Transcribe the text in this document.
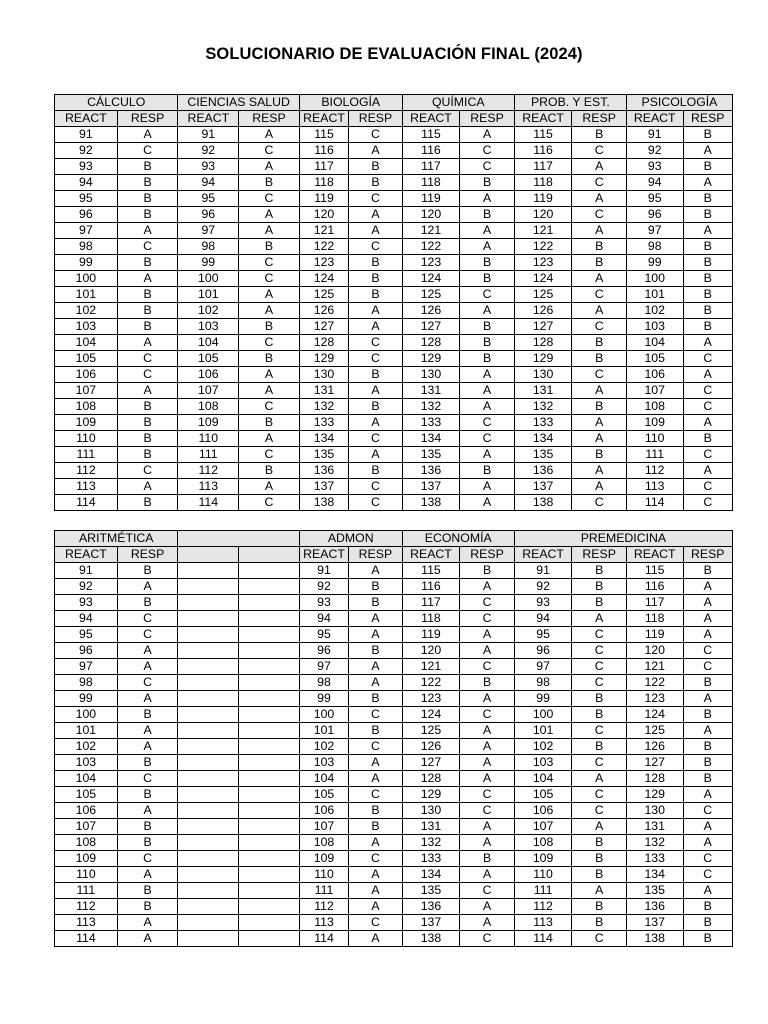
SOLUCIONARIO DE EVALUACIÓN FINAL (2024)
CÁLCULO		CIENCIAS SALUD		BIOLOGÍA		QUÍMICA		PROB. Y EST.		PSICOLOGÍA	
REACT	RESP	REACT	RESP	REACT	RESP	REACT	RESP	REACT	RESP	REACT	RESP
91	A	91	A	115	C	115	A	115	B	91	B
92	C	92	C	116	A	116	C	116	C	92	A
93	B	93	A	117	B	117	C	117	A	93	B
94	B	94	B	118	B	118	B	118	C	94	A
95	B	95	C	119	C	119	A	119	A	95	B
96	B	96	A	120	A	120	B	120	C	96	B
97	A	97	A	121	A	121	A	121	A	97	A
98	C	98	B	122	C	122	A	122	B	98	B
99	B	99	C	123	B	123	B	123	B	99	B
100	A	100	C	124	B	124	B	124	A	100	B
101	B	101	A	125	B	125	C	125	C	101	B
102	B	102	A	126	A	126	A	126	A	102	B
103	B	103	B	127	A	127	B	127	C	103	B
104	A	104	C	128	C	128	B	128	B	104	A
105	C	105	B	129	C	129	B	129	B	105	C
106	C	106	A	130	B	130	A	130	C	106	A
107	A	107	A	131	A	131	A	131	A	107	C
108	B	108	C	132	B	132	A	132	B	108	C
109	B	109	B	133	A	133	C	133	A	109	A
110	B	110	A	134	C	134	C	134	A	110	B
111	B	111	C	135	A	135	A	135	B	111	C
112	C	112	B	136	B	136	B	136	A	112	A
113	A	113	A	137	C	137	A	137	A	113	C
114	B	114	C	138	C	138	A	138	C	114	C
ARITMÉTICA				ADMON		ECONOMÍA		PREMEDICINA			
REACT	RESP			REACT	RESP	REACT	RESP	REACT	RESP	REACT	RESP
91	B			91	A	115	B	91	B	115	B
92	A			92	B	116	A	92	B	116	A
93	B			93	B	117	C	93	B	117	A
94	C			94	A	118	C	94	A	118	A
95	C			95	A	119	A	95	C	119	A
96	A			96	B	120	A	96	C	120	C
97	A			97	A	121	C	97	C	121	C
98	C			98	A	122	B	98	C	122	B
99	A			99	B	123	A	99	B	123	A
100	B			100	C	124	C	100	B	124	B
101	A			101	B	125	A	101	C	125	A
102	A			102	C	126	A	102	B	126	B
103	B			103	A	127	A	103	C	127	B
104	C			104	A	128	A	104	A	128	B
105	B			105	C	129	C	105	C	129	A
106	A			106	B	130	C	106	C	130	C
107	B			107	B	131	A	107	A	131	A
108	B			108	A	132	A	108	B	132	A
109	C			109	C	133	B	109	B	133	C
110	A			110	A	134	A	110	B	134	C
111	B			111	A	135	C	111	A	135	A
112	B			112	A	136	A	112	B	136	B
113	A			113	C	137	A	113	B	137	B
114	A			114	A	138	C	114	C	138	B
